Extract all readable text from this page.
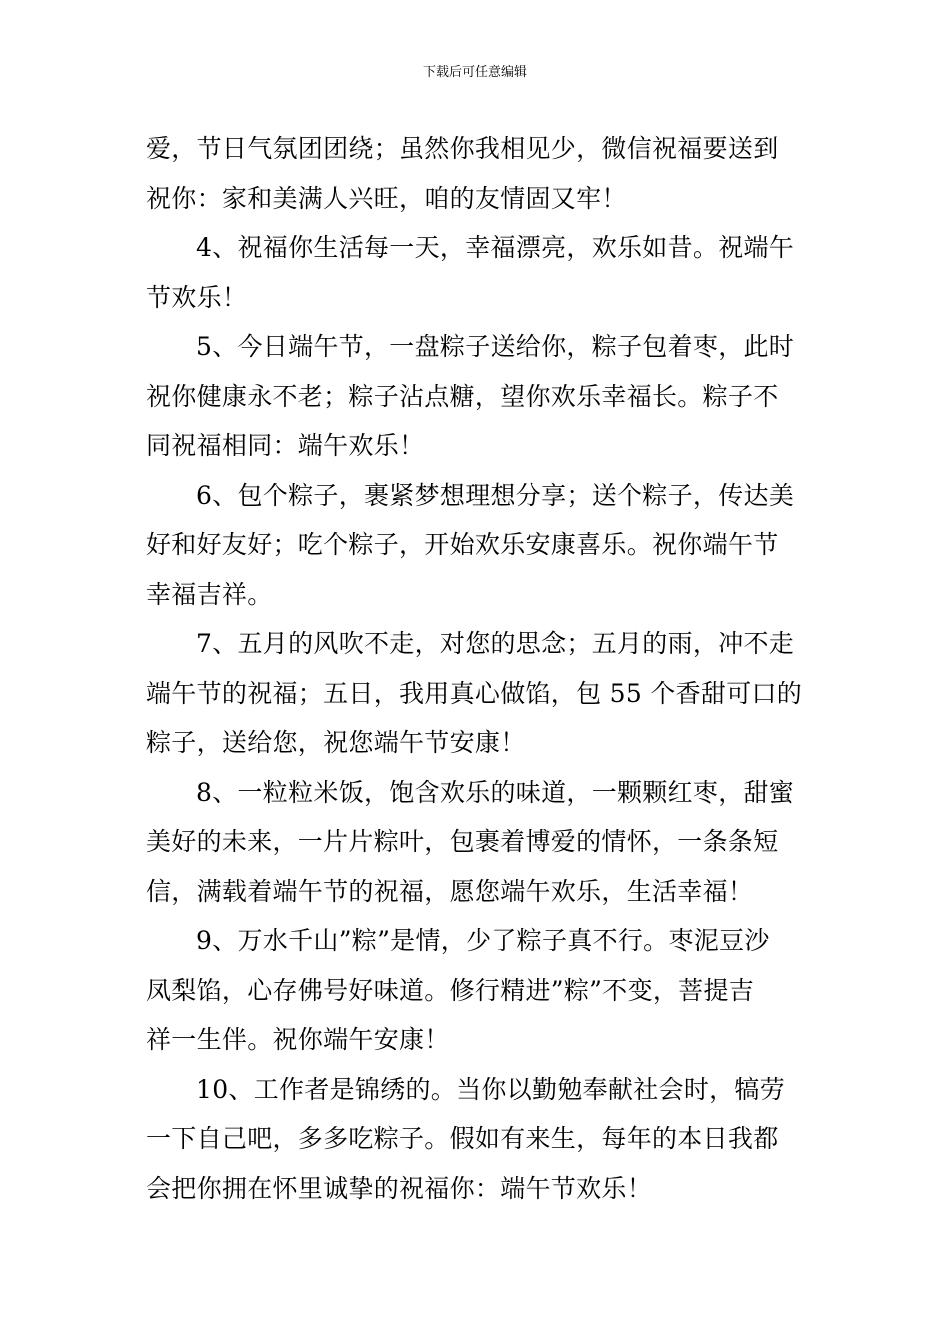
下载后可任意编辑
爱，节日气氛团团绕；虽然你我相见少，微信祝福要送到
祝你：家和美满人兴旺，咱的友情固又牢！
4、祝福你生活每一天，幸福漂亮，欢乐如昔。祝端午
节欢乐！
5、今日端午节，一盘粽子送给你，粽子包着枣，此时
祝你健康永不老；粽子沾点糖，望你欢乐幸福长。粽子不
同祝福相同：端午欢乐！
6、包个粽子，裹紧梦想理想分享；送个粽子，传达美
好和好友好；吃个粽子，开始欢乐安康喜乐。祝你端午节
幸福吉祥。
7、五月的风吹不走，对您的思念；五月的雨，冲不走
端午节的祝福；五日，我用真心做馅，包 55 个香甜可口的
粽子，送给您，祝您端午节安康！
8、一粒粒米饭，饱含欢乐的味道，一颗颗红枣，甜蜜
美好的未来，一片片粽叶，包裹着博爱的情怀，一条条短
信，满载着端午节的祝福，愿您端午欢乐，生活幸福！
9、万水千山”粽”是情，少了粽子真不行。枣泥豆沙
凤梨馅，心存佛号好味道。修行精进”粽”不变，菩提吉
祥一生伴。祝你端午安康！
10、工作者是锦绣的。当你以勤勉奉献社会时，犒劳
一下自己吧，多多吃粽子。假如有来生，每年的本日我都
会把你拥在怀里诚挚的祝福你：端午节欢乐！
